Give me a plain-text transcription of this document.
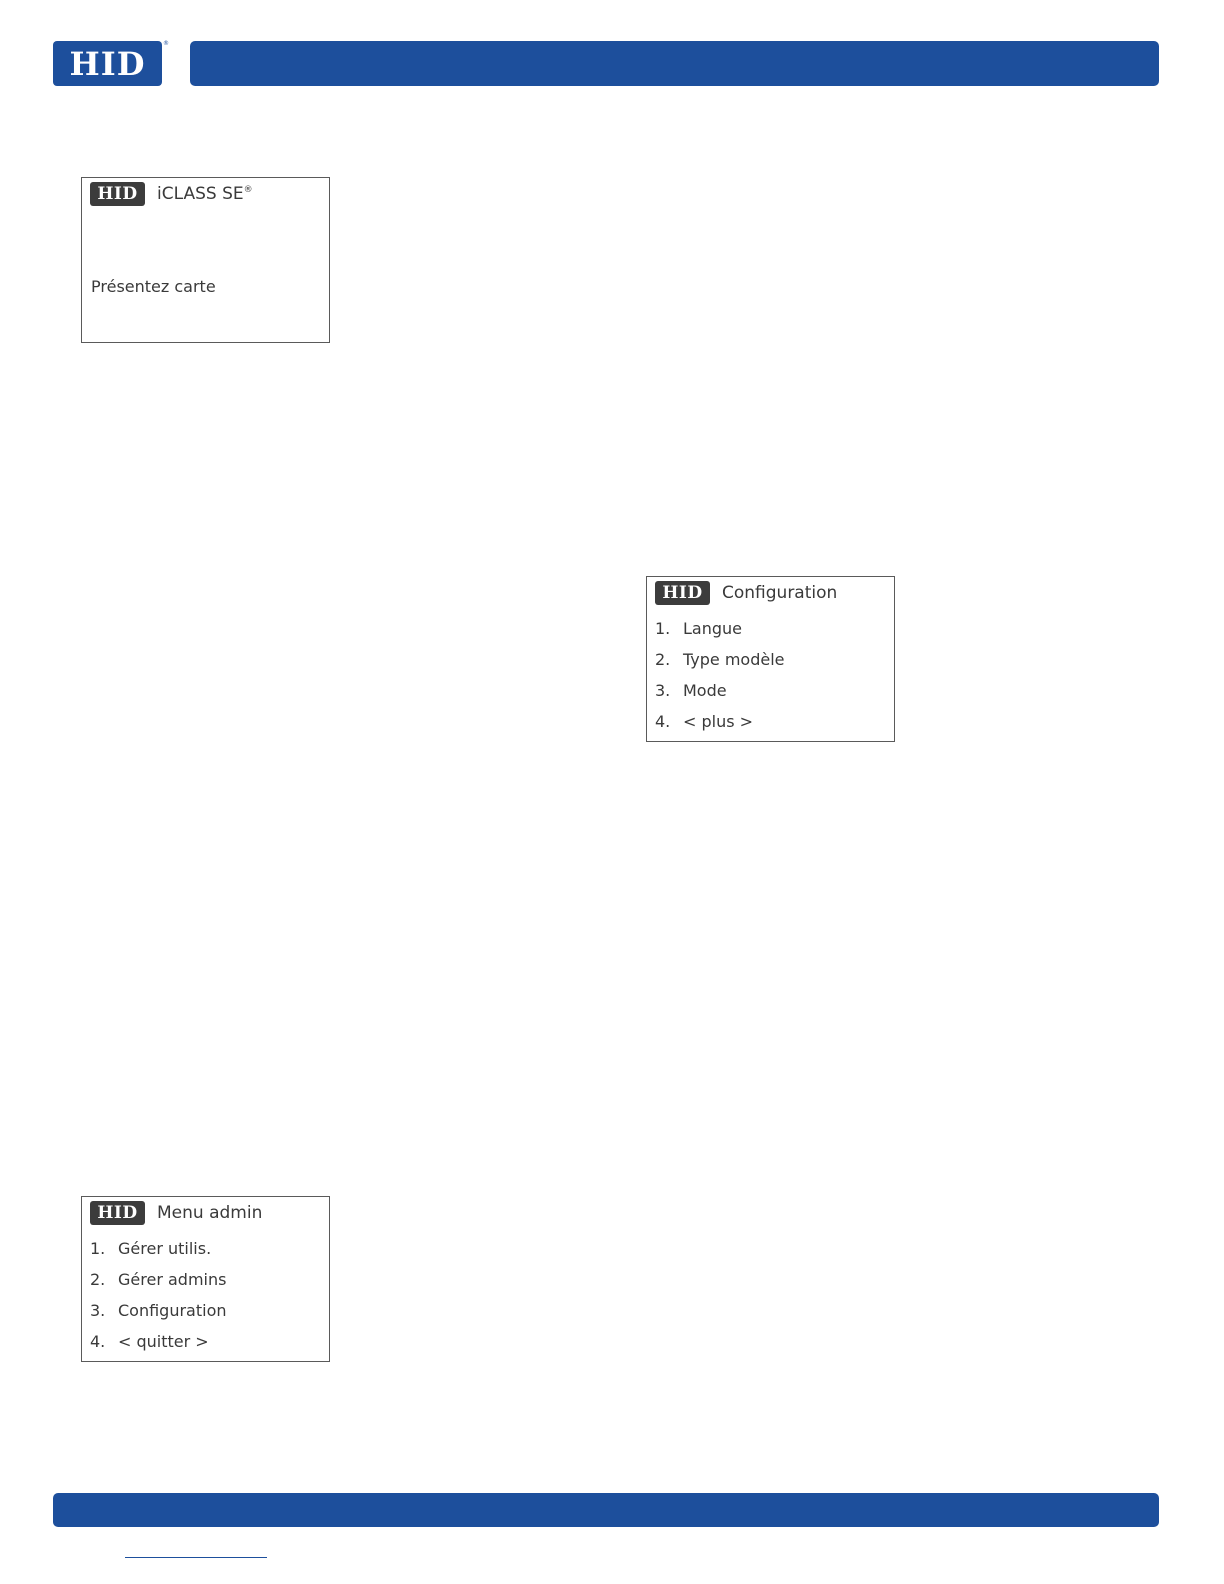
HID
®
HID iCLASS SE®
Présentez carte
HID Configuration
1. Langue
2. Type modèle
3. Mode
4. < plus >
HID Menu admin
1. Gérer utilis.
2. Gérer admins
3. Configuration
4. < quitter >
